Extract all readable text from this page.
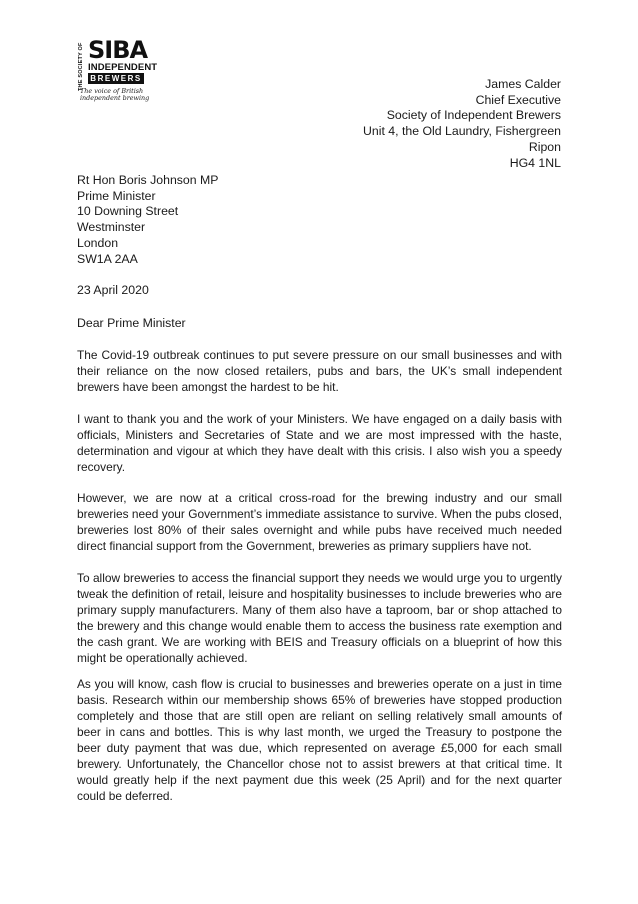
THE SOCIETY OF SIBA
INDEPENDENT
BREWERS
The voice of British independent brewing
James Calder
Chief Executive
Society of Independent Brewers
Unit 4, the Old Laundry, Fishergreen
Ripon
HG4 1NL
Rt Hon Boris Johnson MP
Prime Minister
10 Downing Street
Westminster
London
SW1A 2AA
23 April 2020
Dear Prime Minister

The Covid-19 outbreak continues to put severe pressure on our small businesses and with their reliance on the now closed retailers, pubs and bars, the UK’s small independent brewers have been amongst the hardest to be hit.

I want to thank you and the work of your Ministers. We have engaged on a daily basis with officials, Ministers and Secretaries of State and we are most impressed with the haste, determination and vigour at which they have dealt with this crisis. I also wish you a speedy recovery.

However, we are now at a critical cross-road for the brewing industry and our small breweries need your Government’s immediate assistance to survive. When the pubs closed, breweries lost 80% of their sales overnight and while pubs have received much needed direct financial support from the Government, breweries as primary suppliers have not.

To allow breweries to access the financial support they needs we would urge you to urgently tweak the definition of retail, leisure and hospitality businesses to include breweries who are primary supply manufacturers. Many of them also have a taproom, bar or shop attached to the brewery and this change would enable them to access the business rate exemption and the cash grant. We are working with BEIS and Treasury officials on a blueprint of how this might be operationally achieved.

As you will know, cash flow is crucial to businesses and breweries operate on a just in time basis. Research within our membership shows 65% of breweries have stopped production completely and those that are still open are reliant on selling relatively small amounts of beer in cans and bottles. This is why last month, we urged the Treasury to postpone the beer duty payment that was due, which represented on average £5,000 for each small brewery. Unfortunately, the Chancellor chose not to assist brewers at that critical time. It would greatly help if the next payment due this week (25 April) and for the next quarter could be deferred.
